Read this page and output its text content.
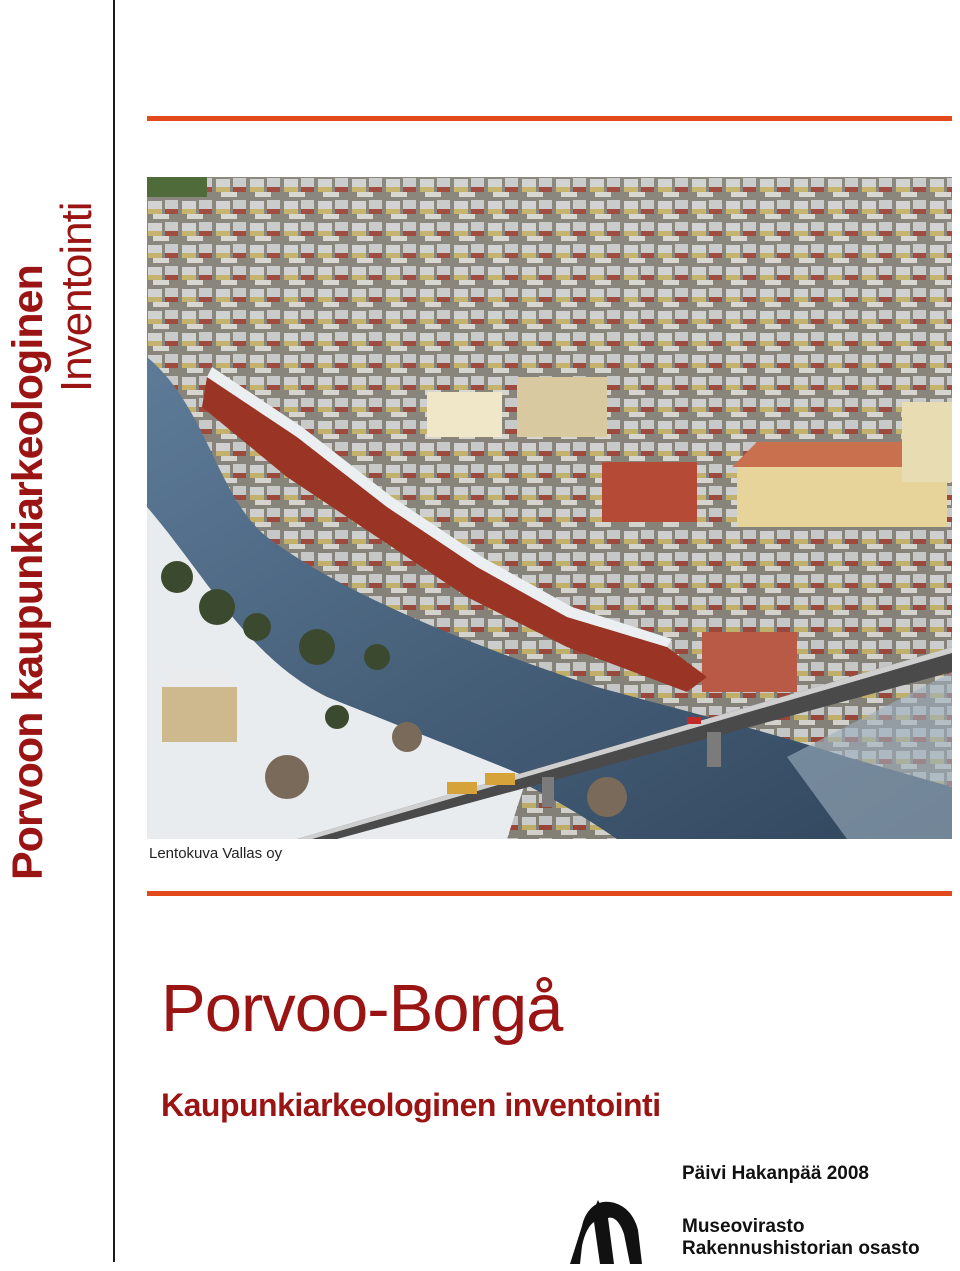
Porvoon kaupunkiarkeologinen Inventointi
Lentokuva Vallas oy
Porvoo-Borgå
Kaupunkiarkeologinen inventointi
Päivi Hakanpää 2008
Museovirasto
Rakennushistorian osasto
